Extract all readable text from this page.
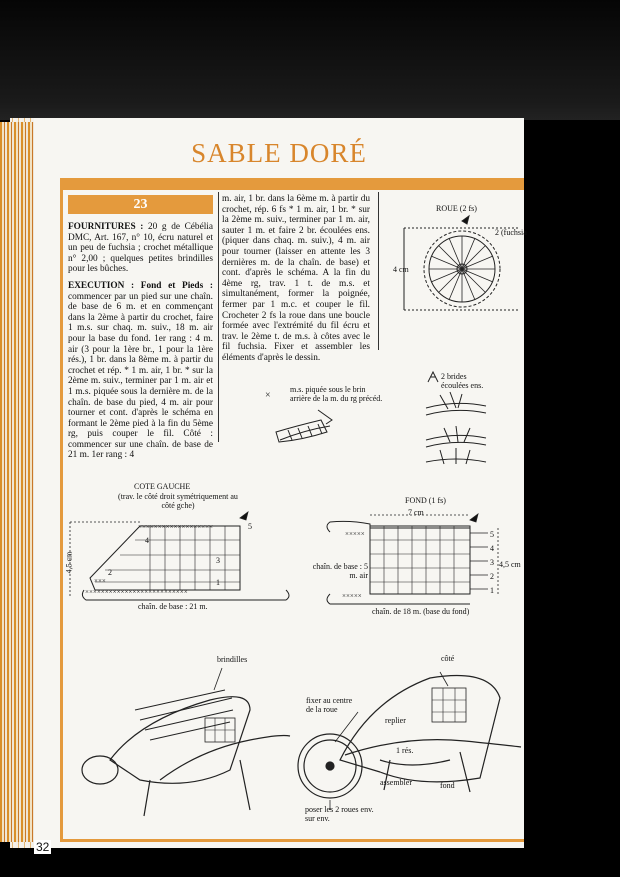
SABLE DORÉ
23

FOURNITURES : 20 g de Cébélia DMC, Art. 167, n° 10, écru naturel et un peu de fuchsia ; crochet métallique n° 2,00 ; quelques petites brindilles pour les bûches.

EXECUTION : Fond et Pieds : commencer par un pied sur une chaîn. de base de 6 m. et en commençant dans la 2ème à partir du crochet, faire 1 m.s. sur chaq. m. suiv., 18 m. air pour la base du fond. 1er rang : 4 m. air (3 pour la 1ère br., 1 pour la 1ère rés.), 1 br. dans la 8ème m. à partir du crochet et rép. * 1 m. air, 1 br. * sur la 2ème m. suiv., terminer par 1 m. air et 1 m.s. piquée sous la dernière m. de la chaîn. de base du pied, 4 m. air pour tourner et cont. d'après le schéma en formant le 2ème pied à la fin du 5ème rg, puis couper le fil. Côté : commencer sur une chaîn. de base de 21 m. 1er rang : 4

m. air, 1 br. dans la 6ème m. à partir du crochet, rép. 6 fs * 1 m. air, 1 br. * sur la 2ème m. suiv., terminer par 1 m. air, sauter 1 m. et faire 2 br. écoulées ens. (piquer dans chaq. m. suiv.), 4 m. air pour tourner (laisser en attente les 3 dernières m. de la chaîn. de base) et cont. d'après le schéma. A la fin du 4ème rg, trav. 1 t. de m.s. et simultanément, former la poignée, fermer par 1 m.c. et couper le fil. Crocheter 2 fs la roue dans une boucle formée avec l'extrémité du fil écru et trav. le 2ème t. de m.s. à côtes avec le fil fuchsia. Fixer et assembler les éléments d'après le dessin.

ROUE (2 fs)
2 (fuchsia
4 cm
m.s. piquée sous le brin arrière de la m. du rg précéd.
2 brides écoulées ens.
COTE GAUCHE
(trav. le côté droit symétriquement au côté gche)
4,5 cm
chaîn. de base : 21 m.
FOND (1 fs)
7 cm
4,5 cm
chaîn. de base : 5 m. air
chaîn. de 18 m. (base du fond)
brindilles	côté
fixer au centre de la roue
replier
1 rés.
assembler	fond
poser les 2 roues env. sur env.
5
4
3
2
1
5
4
3
2
1
×
×××××××××××××××××××
×××
××××××××××××××××××××××××××
×××××
×××××
32
